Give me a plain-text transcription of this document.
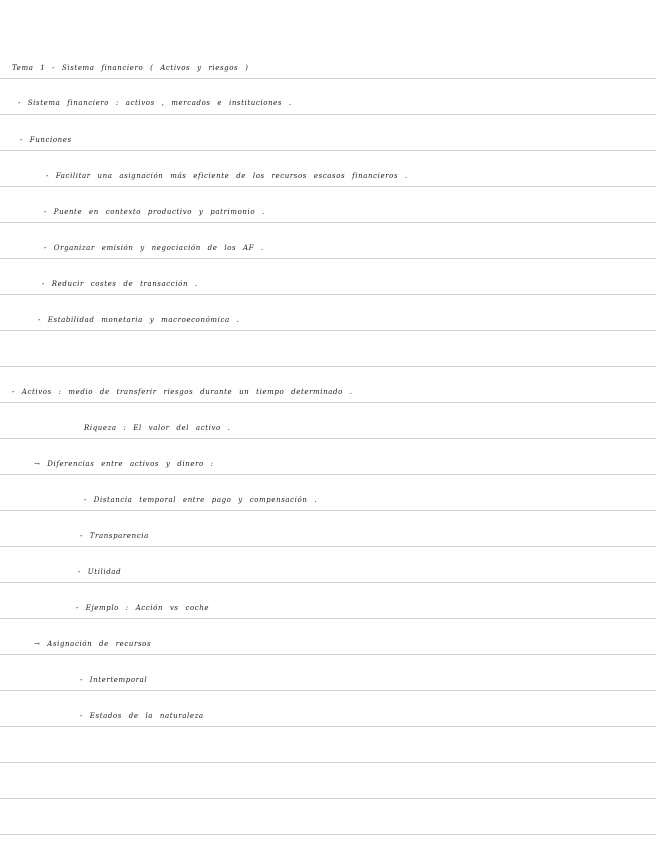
Tema 1 - Sistema financiero ( Activos y riesgos )
- Sistema financiero : activos , mercados e instituciones .
- Funciones
- Facilitar una asignación más eficiente de los recursos escasos financieros .
- Puente en contexto productivo y patrimonio .
- Organizar emisión y negociación de los AF .
- Reducir costes de transacción .
- Estabilidad monetaria y macroeconómica .
- Activos : medio de transferir riesgos durante un tiempo determinado .
Riqueza : El valor del activo .
→ Diferencias entre activos y dinero :
- Distancia temporal entre pago y compensación .
- Transparencia
- Utilidad
- Ejemplo : Acción vs coche
→ Asignación de recursos
- Intertemporal
- Estados de la naturaleza
